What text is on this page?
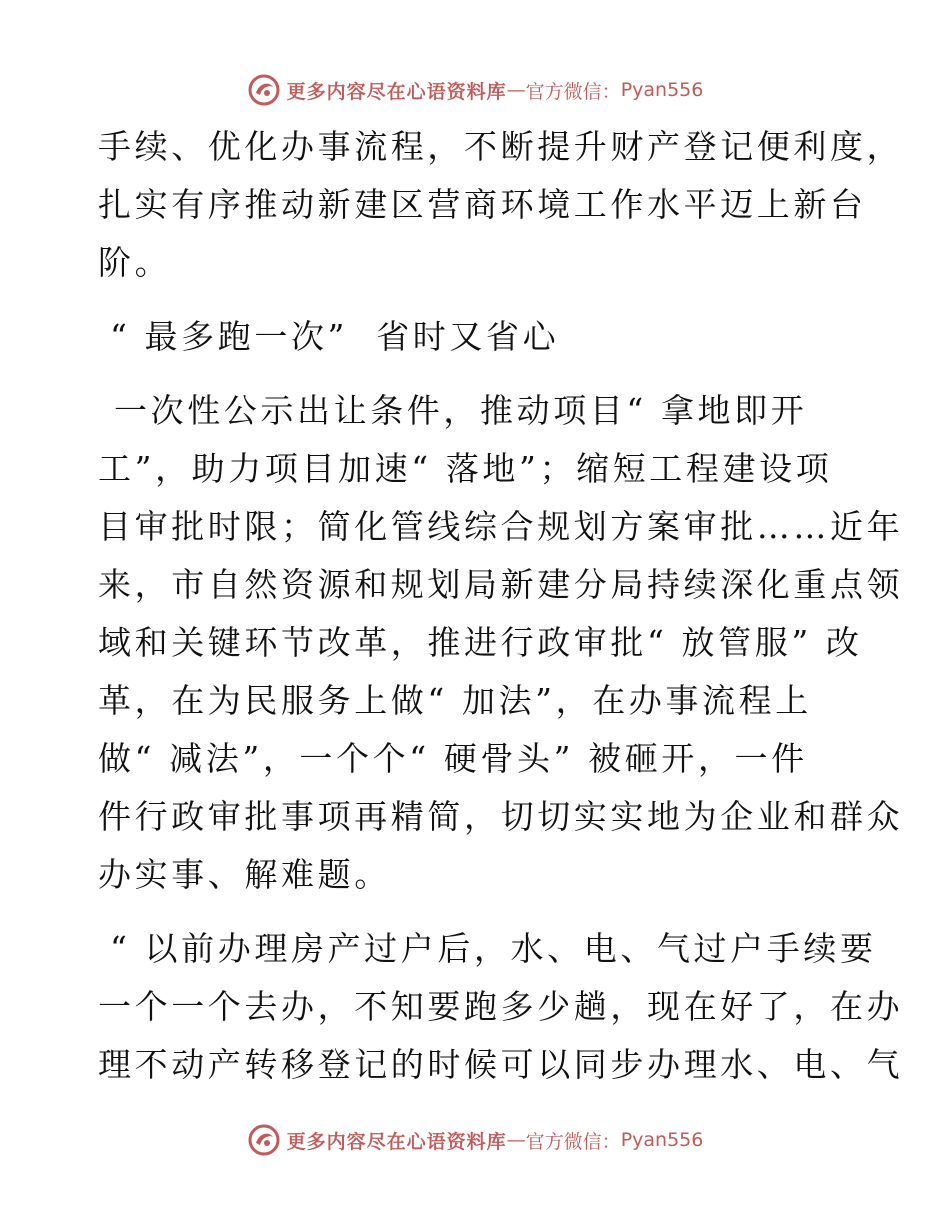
更多内容尽在心语资料库 — 官方微信： Pyan556
手续、优化办事流程，不断提升财产登记便利度，
扎实有序推动新建区营商环境工作水平迈上新台
阶。
“ 最多跑一次”  省时又省心
一次性公示出让条件，推动项目“ 拿地即开
工”，助力项目加速“ 落地”；缩短工程建设项
目审批时限；简化管线综合规划方案审批……近年
来，市自然资源和规划局新建分局持续深化重点领
域和关键环节改革，推进行政审批“ 放管服” 改
革，在为民服务上做“ 加法”，在办事流程上
做“ 减法”，一个个“ 硬骨头” 被砸开，一件
件行政审批事项再精简，切切实实地为企业和群众
办实事、解难题。
“ 以前办理房产过户后，水、电、气过户手续要
一个一个去办，不知要跑多少趟，现在好了，在办
理不动产转移登记的时候可以同步办理水、电、气
更多内容尽在心语资料库 — 官方微信： Pyan556
